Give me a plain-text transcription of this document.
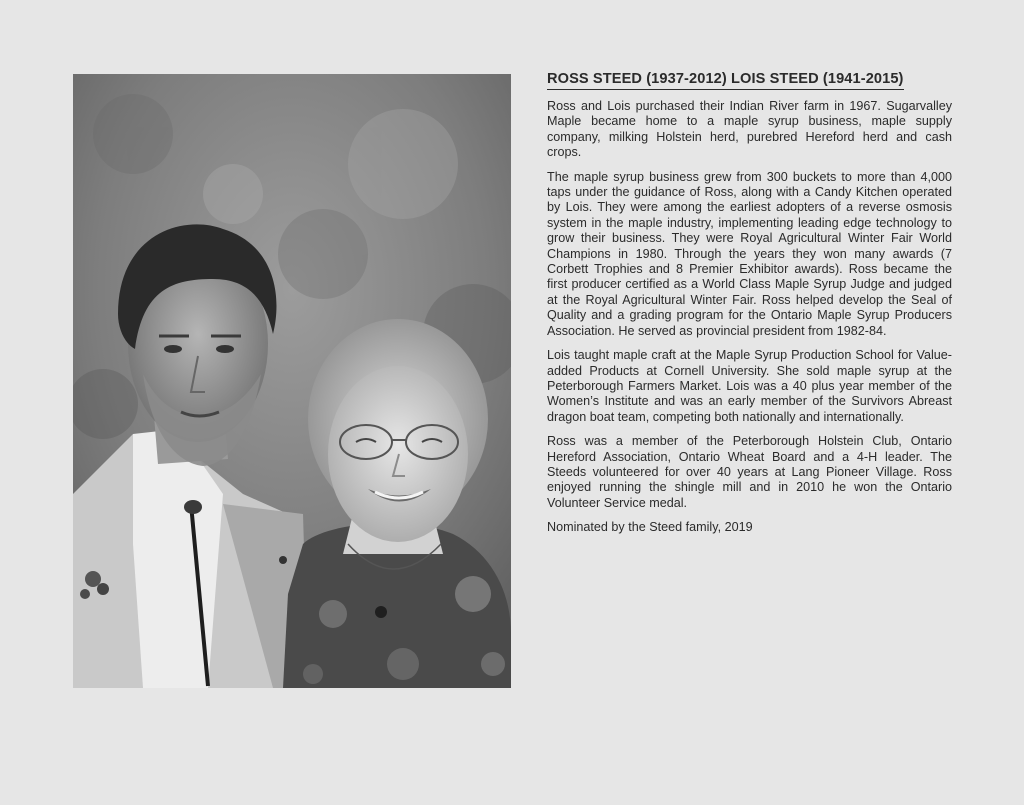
ROSS STEED (1937-2012) LOIS STEED (1941-2015)

Ross and Lois purchased their Indian River farm in 1967. Sugarvalley Maple became home to a maple syrup business, maple supply company, milking Holstein herd, purebred Hereford herd and cash crops.

The maple syrup business grew from 300 buckets to more than 4,000 taps under the guidance of Ross, along with a Candy Kitchen operated by Lois. They were among the earliest adopters of a reverse osmosis system in the maple industry, implementing leading edge technology to grow their business. They were Royal Agricultural Winter Fair World Champions in 1980. Through the years they won many awards (7 Corbett Trophies and 8 Premier Exhibitor awards). Ross became the first producer certified as a World Class Maple Syrup Judge and judged at the Royal Agricultural Winter Fair. Ross helped develop the Seal of Quality and a grading program for the Ontario Maple Syrup Producers Association. He served as provincial president from 1982-84.

Lois taught maple craft at the Maple Syrup Production School for Value-added Products at Cornell University. She sold maple syrup at the Peterborough Farmers Market. Lois was a 40 plus year member of the Women’s Institute and was an early member of the Survivors Abreast dragon boat team, competing both nationally and internationally.

Ross was a member of the Peterborough Holstein Club, Ontario Hereford Association, Ontario Wheat Board and a 4-H leader. The Steeds volunteered for over 40 years at Lang Pioneer Village. Ross enjoyed running the shingle mill and in 2010 he won the Ontario Volunteer Service medal.

Nominated by the Steed family, 2019
